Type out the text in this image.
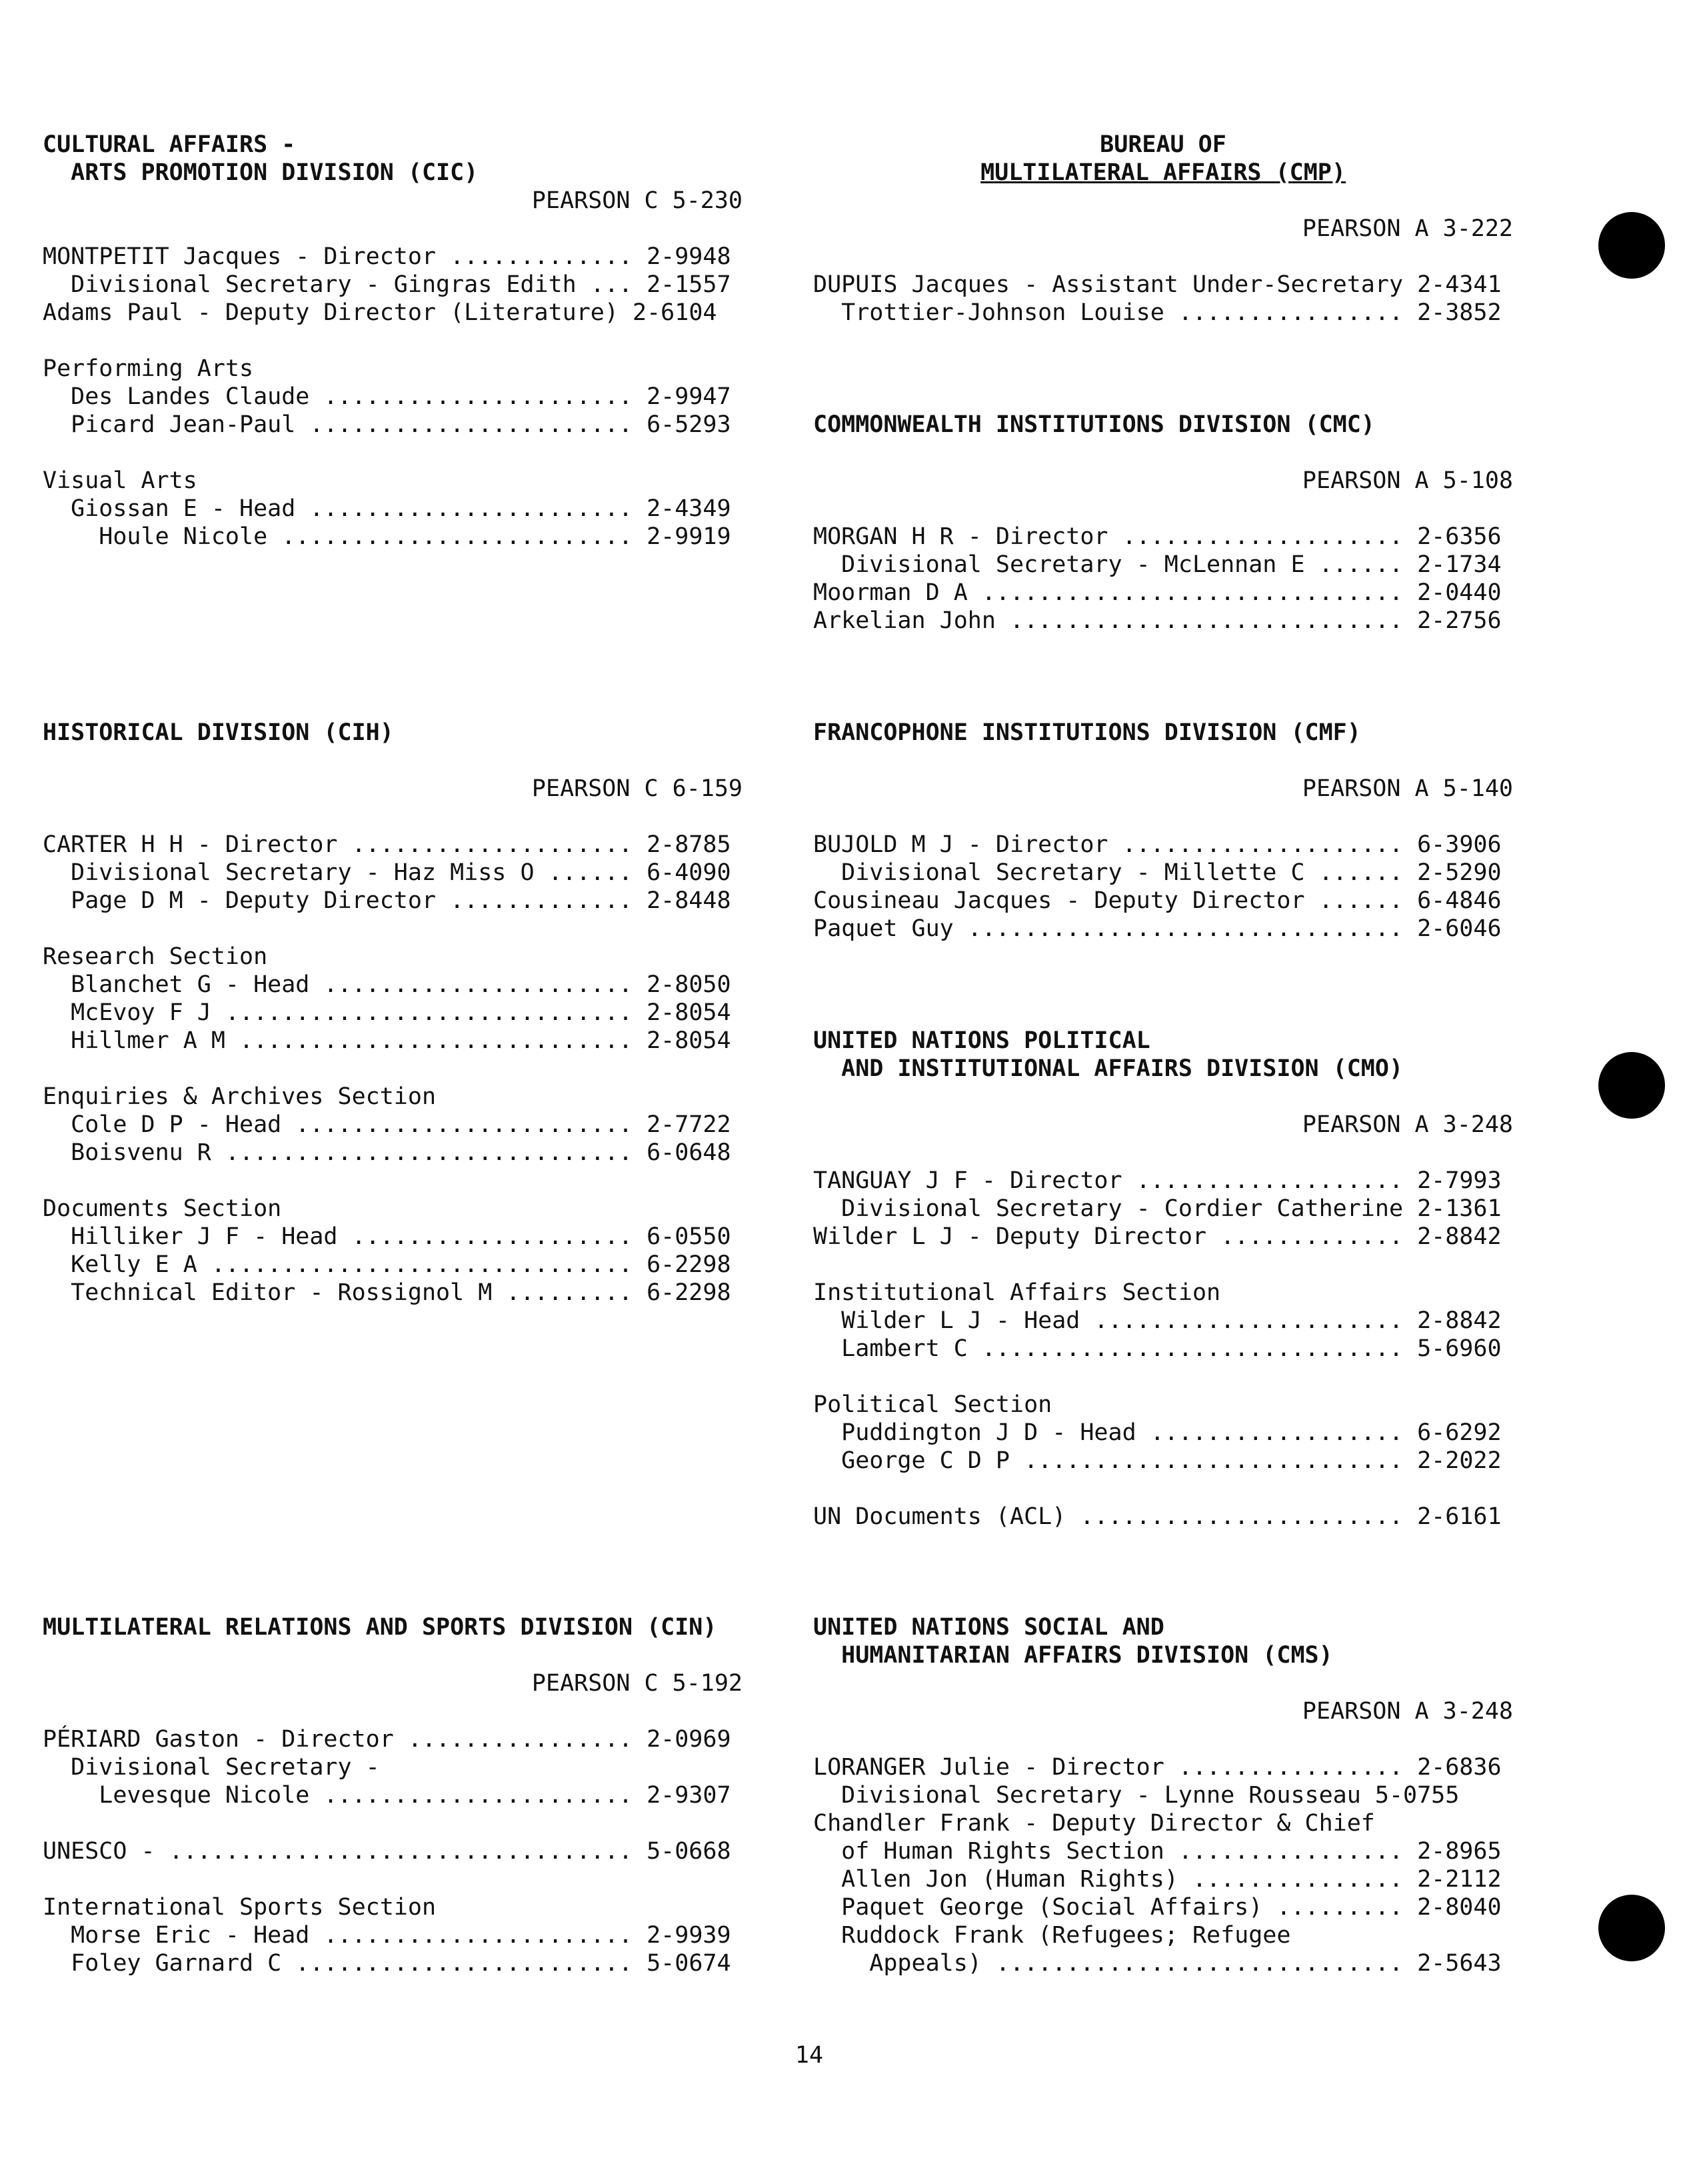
CULTURAL AFFAIRS -
ARTS PROMOTION DIVISION (CIC)
PEARSON C 5-230
MONTPETIT Jacques - Director ............. 2-9948
Divisional Secretary - Gingras Edith ... 2-1557
Adams Paul - Deputy Director (Literature) 2-6104
Performing Arts
Des Landes Claude ...................... 2-9947
Picard Jean-Paul ....................... 6-5293
Visual Arts
Giossan E - Head ....................... 2-4349
Houle Nicole ......................... 2-9919
HISTORICAL DIVISION (CIH)
PEARSON C 6-159
CARTER H H - Director .................... 2-8785
Divisional Secretary - Haz Miss O ...... 6-4090
Page D M - Deputy Director ............. 2-8448
Research Section
Blanchet G - Head ...................... 2-8050
McEvoy F J ............................. 2-8054
Hillmer A M ............................ 2-8054
Enquiries & Archives Section
Cole D P - Head ........................ 2-7722
Boisvenu R ............................. 6-0648
Documents Section
Hilliker J F - Head .................... 6-0550
Kelly E A .............................. 6-2298
Technical Editor - Rossignol M ......... 6-2298
MULTILATERAL RELATIONS AND SPORTS DIVISION (CIN)
PEARSON C 5-192
PÉRIARD Gaston - Director ................ 2-0969
Divisional Secretary -
Levesque Nicole ...................... 2-9307
UNESCO - ................................. 5-0668
International Sports Section
Morse Eric - Head ...................... 2-9939
Foley Garnard C ........................ 5-0674
BUREAU OF
MULTILATERAL AFFAIRS (CMP)
PEARSON A 3-222
DUPUIS Jacques - Assistant Under-Secretary 2-4341
Trottier-Johnson Louise ................ 2-3852
COMMONWEALTH INSTITUTIONS DIVISION (CMC)
PEARSON A 5-108
MORGAN H R - Director .................... 2-6356
Divisional Secretary - McLennan E ...... 2-1734
Moorman D A .............................. 2-0440
Arkelian John ............................ 2-2756
FRANCOPHONE INSTITUTIONS DIVISION (CMF)
PEARSON A 5-140
BUJOLD M J - Director .................... 6-3906
Divisional Secretary - Millette C ...... 2-5290
Cousineau Jacques - Deputy Director ...... 6-4846
Paquet Guy ............................... 2-6046
UNITED NATIONS POLITICAL
AND INSTITUTIONAL AFFAIRS DIVISION (CMO)
PEARSON A 3-248
TANGUAY J F - Director ................... 2-7993
Divisional Secretary - Cordier Catherine 2-1361
Wilder L J - Deputy Director ............. 2-8842
Institutional Affairs Section
Wilder L J - Head ...................... 2-8842
Lambert C .............................. 5-6960
Political Section
Puddington J D - Head .................. 6-6292
George C D P ........................... 2-2022
UN Documents (ACL) ....................... 2-6161
UNITED NATIONS SOCIAL AND
HUMANITARIAN AFFAIRS DIVISION (CMS)
PEARSON A 3-248
LORANGER Julie - Director ................ 2-6836
Divisional Secretary - Lynne Rousseau 5-0755
Chandler Frank - Deputy Director & Chief
of Human Rights Section ................ 2-8965
Allen Jon (Human Rights) ............... 2-2112
Paquet George (Social Affairs) ......... 2-8040
Ruddock Frank (Refugees; Refugee
Appeals) ............................. 2-5643
14
